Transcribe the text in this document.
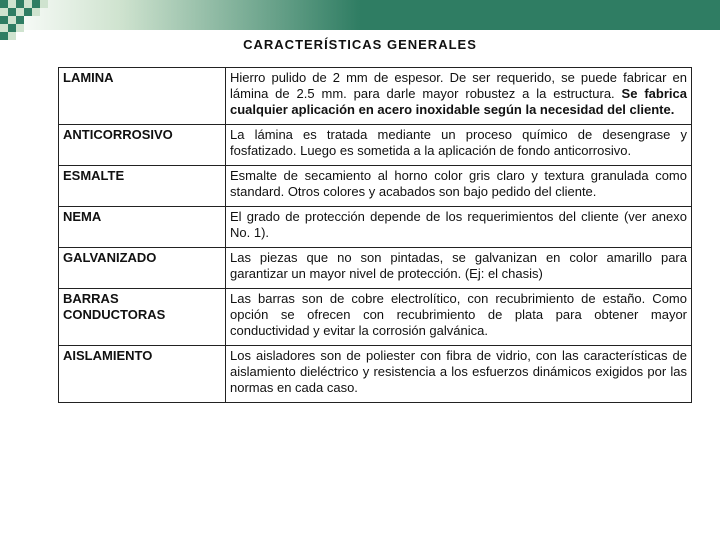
CARACTERÍSTICAS GENERALES
LAMINA	Hierro pulido de 2 mm de espesor. De ser requerido, se puede fabricar en lámina de 2.5 mm. para darle mayor robustez a la estructura. Se fabrica cualquier aplicación en acero inoxidable según la necesidad del cliente.
ANTICORROSIVO	La lámina es tratada mediante un proceso químico de desengrase y fosfatizado. Luego es sometida a la aplicación de fondo anticorrosivo.
ESMALTE	Esmalte de secamiento al horno color gris claro y textura granulada como standard. Otros colores y acabados son bajo pedido del cliente.
NEMA	El grado de protección depende de los requerimientos del cliente (ver anexo No. 1).
GALVANIZADO	Las piezas que no son pintadas, se galvanizan en color amarillo para garantizar un mayor nivel de protección. (Ej: el chasis)
BARRAS CONDUCTORAS	Las barras son de cobre electrolítico, con recubrimiento de estaño. Como opción se ofrecen con recubrimiento de plata para obtener mayor conductividad y evitar la corrosión galvánica.
AISLAMIENTO	Los aisladores son de poliester con fibra de vidrio, con las características de aislamiento dieléctrico y resistencia a los esfuerzos dinámicos exigidos por las normas en cada caso.
